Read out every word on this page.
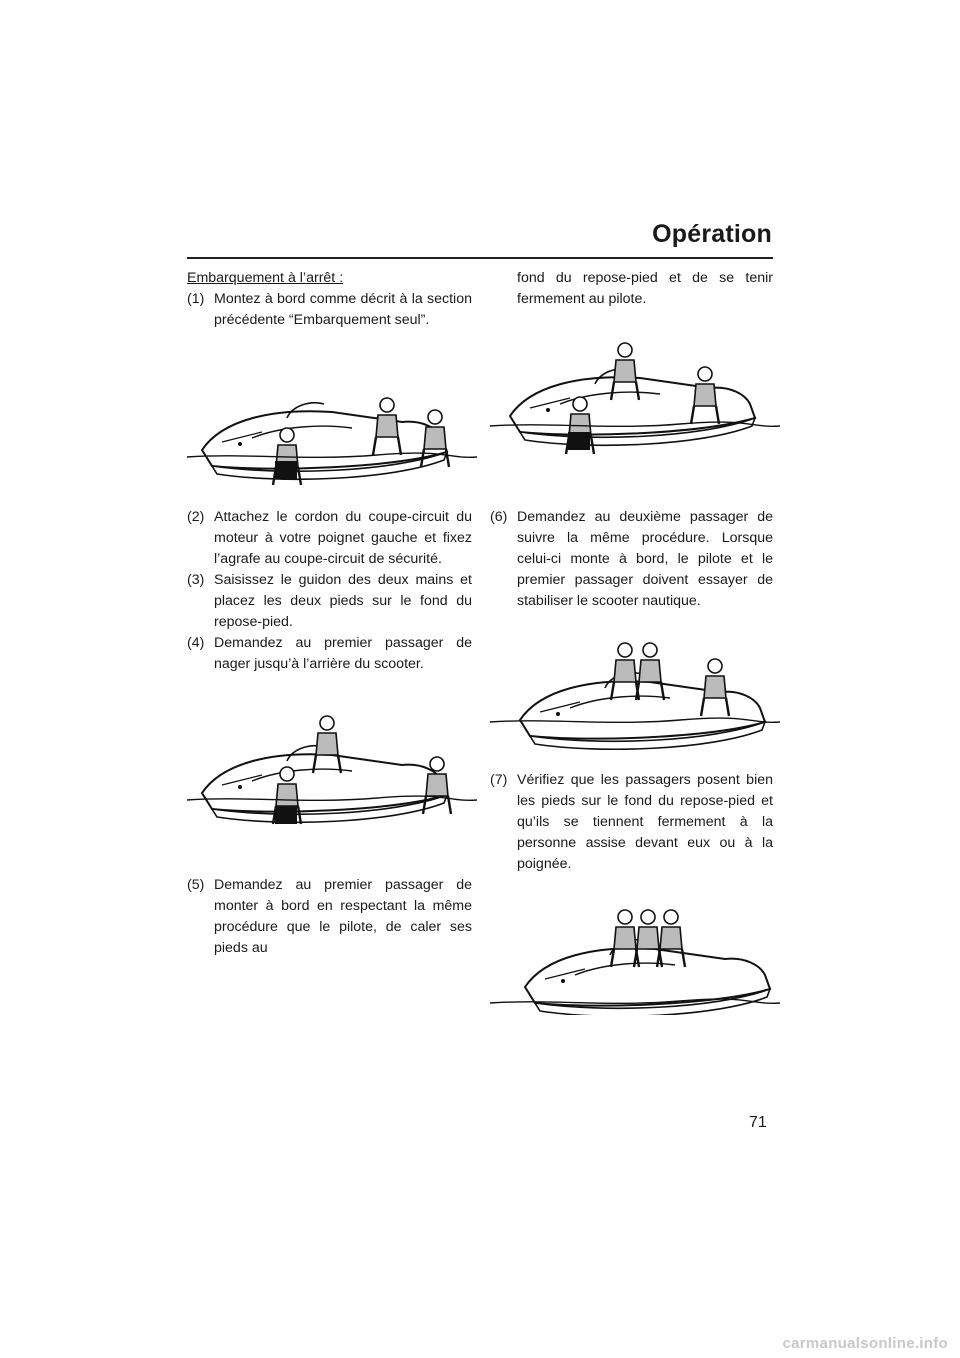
Opération
Embarquement à l’arrêt :
(1) Montez à bord comme décrit à la section précédente “Embarquement seul”.
(2) Attachez le cordon du coupe-circuit du moteur à votre poignet gauche et fixez l’agrafe au coupe-circuit de sécurité.
(3) Saisissez le guidon des deux mains et placez les deux pieds sur le fond du repose-pied.
(4) Demandez au premier passager de nager jusqu’à l’arrière du scooter.
(5) Demandez au premier passager de monter à bord en respectant la même procédure que le pilote, de caler ses pieds au
fond du repose-pied et de se tenir fermement au pilote.
(6) Demandez au deuxième passager de suivre la même procédure. Lorsque celui-ci monte à bord, le pilote et le premier passager doivent essayer de stabiliser le scooter nautique.
(7) Vérifiez que les passagers posent bien les pieds sur le fond du repose-pied et qu’ils se tiennent fermement à la personne assise devant eux ou à la poignée.
71
carmanualsonline.info
